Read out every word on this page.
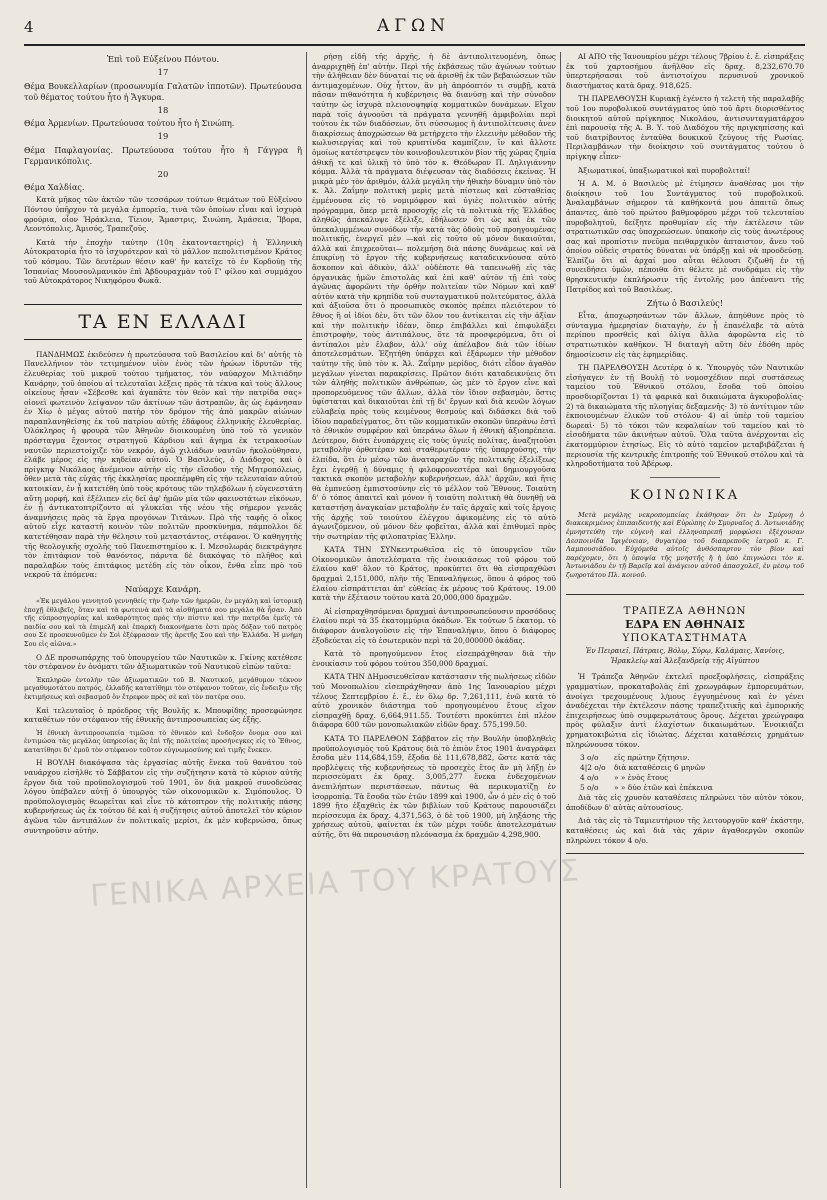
4	ΑΓΩΝ

Ἐπὶ τοῦ Εὐξείνου Πόντου.

17

Θέμα Βουκελλαρίων (προσωνυμία Γαλατῶν ἱπποτῶν). Πρωτεύουσα τοῦ θέματος τούτου ἦτο ἡ Ἄγκυρα.

18

Θέμα Ἀρμενίων. Πρωτεύουσα τούτου ἦτο ἡ Σινώπη.

19

Θέμα Παφλαγονίας. Πρωτεύουσα τούτου ἦτο ἡ Γάγγρα ἢ Γερμανικόπολις.

20

Θέμα Χαλδίας.

Κατὰ μῆκος τῶν ἀκτῶν τῶν τεσσάρων τούτων θεμάτων τοῦ Εὐξείνου Πόντου ὑπῆρχον τὰ μεγάλα ἐμπορεῖα, τινὰ τῶν ὁποίων εἶναι καὶ ἰσχυρὰ φρούρια, οἷον Ἡράκλεια, Τίειον, Ἄμαστρις, Σινώπη, Ἀμάσεια, Ἴβορα, Λεοντόπολις, Ἀμισός, Τραπεζοῦς.

Κατὰ τὴν ἐποχὴν ταύτην (10η ἑκατονταετηρίς) ἡ Ἑλληνικὴ Αὐτοκρατορία ἦτο τὸ ἰσχυρότερον καὶ τὸ μᾶλλον πεπολιτισμένον Κράτος τοῦ κόσμου. Τῶν δευτέρων θέσιν καθ' ἥν κατεῖχε τὸ ἐν Κορδούῃ τῆς Ἱσπανίας Μουσουλμανικὸν ἐπὶ Ἀβδουραχμὰν τοῦ Γ' φίλου καὶ συμμάχου τοῦ Αὐτοκράτορος Νικηφόρου Φωκᾶ.

ΤΑ ΕΝ ΕΛΛΑΔΙ

ΠΑΝΔΗΜΩΣ ἐκιδεύσεν ἡ πρωτεύουσα τοῦ Βασιλείου καὶ δι' αὐτῆς τὸ Πανελλήνιον τὸν τετιμημένον υἱὸν ἑνὸς τῶν ἡρώων ἱδρυτῶν τῆς ἐλευθερίας τοῦ μικροῦ τούτου τμήματος, τὸν ναύαρχον Μιλτιάδην Κανάρην, τοῦ ὁποίου αἱ τελευταῖαι λέξεις πρὸς τὰ τέκνα καὶ τοὺς ἄλλους οἰκείους ἦσαν «Σέβεσθε καὶ ἀγαπᾶτε τὸν θεὸν καὶ τὴν πατρίδα σας» οἱονεὶ φωτεινὸν λείψανον τῶν ἀκτίνων τῶν ἀστραπῶν, ἃς ὡς ἐφάνησαν ἐν Χίῳ ὁ μέγας αὐτοῦ πατὴρ τὸν δρόμον τῆς ἀπὸ μακρῶν αἰώνων παραπλανηθείσης ἐκ τοῦ πατρίου αὐτῆς ἐδάφους ἑλληνικῆς ἐλευθερίας. Ὁλόκληρος ἡ φρουρὰ τῶν Ἀθηνῶν διοικουμένη ὑπὸ τοῦ τὸ γενικὸν πρόσταγμα ἔχοντος στρατηγοῦ Κάρδιου καὶ ἄγημα ἐκ τετρακοσίων ναυτῶν περιεστοίχιζε τὸν νεκρόν, ἀγῶ χιλιάδων ναυτῶν ἠκολούθησαν, ἐλάβε μέρος εἰς τὴν κηδείαν αὐτοῦ. Ὁ Βασιλεύς, ὁ Διάδοχος καὶ ὁ πρίγκηψ Νικόλαος ἀνέμενον αὐτὴν εἰς τὴν εἴσοδον τῆς Μητροπόλεως, ὅθεν μετὰ τὰς εὐχὰς τῆς ἐκκλησίας προεπέμφθη εἰς τὴν τελευταίαν αὐτοῦ κατοικίαν, ἐν ᾗ κατετέθη ὑπὸ τοὺς κρότους τῶν τηλεβόλων ἡ εὐγενεστάτη αὕτη μορφή, καὶ ἐξέλιπεν εἰς δεῖ ἀφ' ἡμῶν μία τῶν φαεινοτάτων εἰκόνων, ἐν ᾗ ἀντικατοπτρίζοντο αἱ γλυκεῖαι τῆς νέου τῆς σήμερον γενεᾶς ἀναμνήσεις πρὸς τὰ ἔργα προγόνων Τιτάνων. Πρὸ τῆς ταφῆς ὁ οἶκος αὐτοῦ εἶχε καταστῆ κοινὸν τῶν πολιτῶν προσκύνημα, πάμπολλοι δὲ κατετέθησαν παρὰ τὴν θέλησιν τοῦ μεταστάντος, στέφανοι. Ὁ καθηγητὴς τῆς θεολογικῆς σχολῆς τοῦ Πανεπιστημίου κ. Ι. Μεσολωράς διεκτράγησε τὸν ἐπιτάφιον τοῦ θανόντος, πάρντα δὲ διακόψας τὸ πλῆθος καὶ παραλαβὼν τοὺς ἐπιτάφιος μετέδη εἰς τὸν οἶκον, ἔνθα εἶπε πρὸ τοῦ νεκροῦ τὰ ἑπόμενα:

Ναύαρχε Κανάρη.

«Ἐκ μεγάλου γεννητοῦ γεννηθείς τὴν ζωὴν τῶν ἡμερῶν, ἐν μεγάλῃ καὶ ἱστορικῇ ἐποχῇ ἐθλιβεῖς, ὅταν καὶ τὰ φωτεινὰ καὶ τὰ αἰσθήματά σου μεγάλα θὰ ἦσαν. Ἀπὸ τῆς εὐπροσηγορίας καὶ καθαρότητος πρὸς τὴν πίστιν καὶ τὴν πατρίδα ἐμεῖς τὰ παιδία σου καὶ τὰ ἐπιμελῆ καὶ ἐπαρκὴ διακονήματα ἐστι πρὸς δόξαν τοῦ πατρὸς σου Σὲ προσκυνοῦμεν ἐν Σοὶ ἐξέφρασαν τῆς ἀρετῆς Σου καὶ τὴν Ἑλλάδα. Ἡ μνήμη Σου εἰς αἰῶνα.»

Ο ΔΕ προσωπάρχης τοῦ ὑπουργείου τῶν Ναυτικῶν κ. Γκίνης κατέθεσε τὸν στέφανον ἐν ὀνόματι τῶν ἀξιωματικῶν τοῦ Ναυτικοῦ εἰπὼν ταῦτα:

Ἐκπληρῶν ἐντολὴν τῶν ἀξιωματικῶν τοῦ Β. Ναυτικοῦ, μεγάθυμον τέκνον μεγαθυμοτάτου πατρός, ἐλλαδῆς κατατίθημι τὸν στέφανον τοῦτον, εἰς ἔνδειξιν τῆς ἐκτιμήσεως καὶ σεβασμοῦ ὃν ἔτρεφον πρὸς σὲ καὶ τὸν πατέρα σου.

Καὶ τελευταῖος ὁ πρόεδρος τῆς Βουλῆς κ. Μπουφίδης προσεφώνησε καταθέτων τὸν στέφανον τῆς ἐθνικῆς ἀντιπροσωπείας ὡς ἑξῆς.

Ἡ ἐθνικὴ ἀντιπροσωπεία τιμῶσα τὸ ἐθνικὸν καὶ ἔνδοξον ὄνομα σου καὶ ἐντιμώσα τὰς μεγάλας ὑπηρεσίας ἃς ἐπὶ τῆς πολιτείας προσήνεγκες εἰς τὸ Ἔθνος, κατατίθησι δι' ἐμοῦ τὸν στέφανον τοῦτον εὐγνωμοσύνης καὶ τιμῆς ἕνεκεν.

Η ΒΟΥΛΗ διακόψασα τὰς ἐργασίας αὐτῆς ἕνεκα τοῦ θανάτου τοῦ ναυάρχου εἰσῆλθε τὸ Σάββατον εἰς τὴν συζήτησιν κατὰ τὸ κύριον αὐτῆς ἔργον διὰ τοῦ προϋπολογισμοῦ τοῦ 1901, ὃν διὰ μακροῦ συνοδεύσας λόγου ὑπέβαλεν αὐτῇ ὁ ὑπουργὸς τῶν οἰκονομικῶν κ. Σιμόπουλος. Ὁ προϋπολογισμὸς θεωρεῖται καὶ εἶνε τὸ κάτοπτρον τῆς πολιτικῆς πάσης κυβερνήσεως ὡς ἐκ τούτου δὲ καὶ ἡ συζήτησις αὐτοῦ ἀποτελεῖ τὸν κύριον ἀγῶνα τῶν ἀντιπάλων ἐν πολιτικαῖς μερίσι, ἐκ μὲν κυβερνώσα, ὅπως συντηροῦσιν αὐτὴν.

ρήσῃ εἰδῆ τῆς ἀρχῆς, ἡ δὲ ἀντιπολιτευομένη, ὅπως ἀναρριχηθῇ ἐπ' αὐτὴν. Περὶ τῆς ἐκβάσεως τῶν ἀγώνων τούτων τὴν ἀλήθειαν δὲν δύναταί τις νὰ ἀρισθῇ ἐκ τῶν βεβαιώσεων τῶν ἀντιμαχομένων. Οὐχ ἧττον, ἂν μὴ ἀπρόοπτόν τι συμβῇ, κατὰ πᾶσαν πιθανότητα ἡ κυβέρνησις θὰ διανύσῃ καὶ τὴν σύνοδον ταύτην ὡς ἰσχυρὰ πλειονοψηφίᾳ κομματικῶν δυνάμεων. Εἴχον παρὰ τοῖς ἀγνοοῦσι τὰ πράγματα γεννηθῆ ἀμφιβολίαι περὶ τούτου ἐκ τῶν διαδόσεων, ὅτι σύσσωμος ἡ ἀντιπολίτευσις ἀνεν διακρίσεως ἀποχρώσεων θὰ μετήρχετο τὴν ἐλεεινὴν μέθοδον τῆς κωλυσιεργίας καὶ τοῦ κρυπτίνδα καμπίζειν, ἵν καὶ ἄλλοτε ὁμοίως κατέστρεψεν τὸν κοινοβουλευτικὸν βίον τῆς χώρας ζημία ἀθικῇ τε καὶ ὑλικῇ τὸ ὑπὸ τὸν κ. Θεόδωρον Π. Δηλιγιάννην κόμμα. Ἀλλὰ τὰ πράγματα διέψευσαν τὰς διαδόσεις ἐκείνας. Ἡ μικρὰ μὲν τὸν ἀριθμόν, ἀλλὰ μεγάλη τὴν ἠθικὴν δύναμιν ὑπὸ τὸν κ. Ἀλ. Ζαΐμην πολιτικὴ μερὶς μετὰ πίστεως καὶ εὐσταθείας ἐμμένουσα εἰς τὸ νομιμόφρον καὶ ὑγιὲς πολιτικὸν αὐτῆς πρόγραμμα, ὅπερ μετὰ προσοχῆς εἰς τὰ πολιτικὰ τῆς Ἑλλάδος ἀληθῶς ἀπεκάλυψε ἐξέλιξε, ἐδήλωσεν ὅτι ὡς καὶ ἐκ τῶν ὑπεκαλυμμένων συνόδων τὴν κατὰ τὰς ὁδοὺς τοῦ προηγουμένας πολιτικῆς, ἐνεργεῖ μὲν —καὶ εἰς τοῦτο οὐ μόνον δικαιοῦται, ἀλλὰ καὶ ἐπιχρεοῦται— πολεμήσῃ διὰ πάσης δυνάμεως καὶ νὰ ἐπικρίνῃ τὸ ἔργον τῆς κυβερνήσεως καταδεικνύουσα αὐτὸ ἄσκοπον καὶ ἀδικὸν, ἀλλ' οὐδέποτε θὰ ταπεινωθῇ εἰς τὰς ὀργανικὰς ἡμῶν ἐπιστολὰς καὶ ἐπὶ καθ' αὐτὸν τῇ ἐπὶ τοὺς ἀγῶνας ἀφορῶντι τὴν ὀρθὴν πολιτείαν τῶν Νόμων καὶ καθ' αὐτὸν κατὰ τὴν κρηπίδα τοῦ συνταγματικοῦ πολιτεύματος, ἀλλὰ καὶ ἀξιοῦσα ὅτι ὁ προσωπικὸς σκοπὸς πρέπει πλειότερον τὸ ἔθνος ἢ οἱ ἰδίοι δὲν, ὅτι τῶν ὄλον του ἀντίκειται εἰς τὴν ἀξίαν καὶ τὴν πολιτικὴν ἰδέαν, ὅπερ ἐπιβάλλει καὶ ἐπιφυλάξει ἐπιστροφὴν, τοὺς ἀντιπάλους, ὅτε τὰ προσφερόμενα, ὅτι οἱ ἀντίπαλοι μὲν ἔλαβον, ἀλλ' οὐχ ἀπέλαβον διὰ τῶν ἰδίων ἀποτελεσμάτων. Ἐζητήθη ὑπάρχει καὶ ἐξάρωμεν τὴν μέθοδον ταύτην τῆς ὑπὸ τὸν κ. Ἀλ. Ζαΐμην μερίδος, διότι εἶδον ἀγαθὸν μεγάλων γίνεται παρακρίσεις. Πρῶτον διότι καταδεικνύεις ὅτι τῶν ἀληθὴς πολιτικῶν ἀνθρώπων, ὡς μὲν τὸ ἔργον εἶνε καὶ προπορευόμενος τῶν ἄλλων, ἀλλὰ τὸν ἴδιον σεβασμὸν, ὅστις ὑφίσταται καὶ δικαιοῦται ἐπὶ τῇ δι' ἔργων καὶ διὰ κενῶν λόγων εὐλαβείᾳ πρὸς τοὺς κειμένους θεσμοὺς καὶ διδάσκει διὰ τοῦ ἰδίου παραδείγματος, ὅτι τῶν κομματικῶν σκοπῶν ὑπεράνω ἐστὶ τὸ ἐθνικὸν συμφέρον καὶ ὑπεράνω ὅλων ἡ ἐθνικὴ ἀξιοπρέπεια. Δεύτερον, διότι ἐνυπάρχεις εἰς τοὺς ὑγιεῖς πολίτας, ἀναζητοῦσι μεταβολὴν ὀρθοτέραν καὶ σταθερωτέραν τῆς ὑπαρχούσης, τὴν ἐλπίδα, ὅτι ἐν μέσῳ τῶν ἀναταραχῶν τῆς πολιτικῆς ἐξελίξεως ἔχει ἐγερθῇ ἡ δύναμις ἡ φιλοφρονεστέρα καὶ δημιουργοῦσα τακτικὰ σκοπὸν μεταβολὴν κυβερνήσεων, ἀλλ' ἀρχῶν, καὶ ἥτις θὰ ἐμπνεύσῃ ἐμπιστοσύνην εἰς τὸ μέλλον τοῦ Ἔθνους. Τοιαύτη δ' ὁ τόπος ἀπαιτεῖ καὶ μόνον ἡ τοιαύτη πολιτικὴ θὰ δυνηθῇ νὰ καταστήσῃ ἀναγκαίαν μεταβολὴν ἐν ταῖς ἀρχαῖς καὶ τοῖς ἔργοις τῆς ἀρχῆς τοῦ τοιούτου ἐλέγχου ἀφικομένης εἰς τὸ αὐτὸ ἀγωνιζόμενον, οὐ μόνον δὲν φοβεῖται, ἀλλὰ καὶ ἐπιθυμεῖ πρὸς τὴν σωτηρίαν τῆς φιλοπατρίας Ἑλλην.

ΚΑΤΑ ΤΗΝ ΣΥΝκεντρωθεῖσα εἰς τὸ ὑπουργεῖον τῶν Οἰκονομικῶν ἀποτελέσματα τῆς ἐνοικιάσεως τοῦ φόρου τοῦ ἐλαίου καθ' ὅλον τὸ Κράτος, προκύπτει ὅτι θὰ εἰσπραχθῶσι δραχμαὶ 2,151,000, πλὴν τῆς Ἐπαναλήψεως, ὅπου ὁ φόρος τοῦ ἐλαίου εἰσπράττεται ἀπ' εὐθείας ἐκ μέρους τοῦ Κράτους. 19.00 κατὰ τὴν ἐξέτασιν τούτου κατὰ 20,000,000 δραχμῶν.

Αἱ εἰσπραχθησόμεναι δραχμαὶ ἀντιπροσωπεύουσιν προσόδους ἐλαίου περὶ τὰ 35 ἑκατομμύρια ὀκάδων. Ἐκ τούτων 5 ἐκατομ. τὸ διάφορον ἀναλογοῦσιν εἰς τὴν Ἑπαναλήψιν, ὅπου ὁ διάφορος ἐξοδεύεται εἰς τὸ ἐσωτερικὸν περὶ τὰ 20,000000 ὀκάδας.

Κατὰ τὸ προηγούμενον ἔτος εἰσεπράχθησαν διὰ τὴν ἐνοικίασιν τοῦ φόρου τούτου 350,000 δραχμαί.

ΚΑΤΑ ΤΗΝ ΔΗμοσιευθεῖσαν κατάστασιν τῆς πωλήσεως εἰδῶν τοῦ Μονοπωλίου εἰσεπράχθησαν ἀπὸ 1ης Ἰανουαρίου μέχρι τέλους Σεπτεμβρίου ἐ. ἔ., ἐν ὅλῳ δρ. 7,261,111, ἐνῶ κατὰ τὸ αὐτὸ χρονικὸν διάστημα τοῦ προηγουμένου ἔτους εἴχον εἰσπραχθῇ δραχ. 6,664,911.55. Τουτέστι προκύπτει ἐπὶ πλέον διάφορα 600 τῶν μονοπωλιακῶν εἰδῶν δραχ. 575,199.50.

ΚΑΤΑ ΤΟ ΠΑΡΕΛΘΟΝ Σάββατον εἰς τὴν Βουλὴν ὑποβληθεὶς προϋπολογισμὸς τοῦ Κράτους διὰ τὸ ἐπιὸν ἔτος 1901 ἀναγράφει ἔσοδα μὲν 114,684,159, ἔξοδα δὲ 111,678,882, ὥστε κατὰ τὰς προβλέψεις τῆς κυβερνήσεως τὸ προσεχὲς ἔτος ἂν μὴ λήξῃ ἐν περισσεύματι ἐκ δραχ. 3,005,277 ἕνεκα ἐνδεχομένων ἀνεπιλήπτων περιστάσεων, πάντως θὰ περικυματίζῃ ἐν ἰσορροπίᾳ. Τὰ ἔσοδα τῶν ἐτῶν 1899 καὶ 1900, ὧν ὁ μὲν εἰς ὁ τοῦ 1899 ἤτο ἐξαχθεὶς ἐκ τῶν βιβλίων τοῦ Κράτους παρουσιάζει περίσσευμα ἐκ δραχ. 4,371,563, ὁ δὲ τοῦ 1900, μὴ ληξάσης τῆς χρήσεως αὐτοῦ, φαίνεται ἐκ τῶν μέχρι τοῦδε ἀποτελεσμάτων αὐτῆς, ὅτι θὰ παρουσιάσῃ πλεόνασμα ἐκ δραχμῶν 4,298,900.

ΑΙ ΑΠΟ τῆς Ἰανουαρίου μέχρι τέλους 7βρίου ἐ. ἔ. εἰσπράξεις ἐκ τοῦ χαρτοσήμου ἀνῆλθον εἰς δραχ. 8,232,670.70 ὑπερτερήσασαι τοῦ ἀντιστοίχου περυσινοῦ χρονικοῦ διαστήματος κατὰ δραχ. 918,625.

ΤΗ ΠΑΡΕΛΘΟΥΣΗ Κυριακῇ ἐγένετο ἡ τελετὴ τῆς παραλαβῆς τοῦ 1ου πυροβολικοῦ συντάγματος ὑπὸ τοῦ ἄρτι διορισθέντος διοικητοῦ αὐτοῦ πρίγκηπος Νικολάου, ἀντισυνταγματάρχου ἐπὶ παρουσίᾳ τῆς Α. Β. Υ. τοῦ Διαδόχου τῆς πριγκηπίσσης καὶ τοῦ διατρίβοντος ἐνταῦθα δουκικοῦ ζεύγους τῆς Ρωσίας. Περιλαμβάνων τὴν διοίκησιν τοῦ συντάγματος τούτου ὁ πρίγκηψ εἶπεν·

Ἀξιωματικοί, ὑπαξιωματικοὶ καὶ πυροβολιταί!

Ἡ Α. Μ. ὁ Βασιλεὺς μὲ ἐτίμησεν ἀναθέσας μοι τὴν διοίκησιν τοῦ 1ου Συντάγματος τοῦ πυροβολικοῦ. Ἀναλαμβάνων σήμερον τὰ καθήκοντά μου ἀπαιτῶ ὅπως ἀπαντες, ἀπὸ τοῦ πρώτου βαθμοφόρου μέχρι τοῦ τελευταίου πυροβολητοῦ, δείξητε προθυμίαν εἰς τὴν ἐκτέλεσιν τῶν στρατιωτικῶν σας ὑποχρεώσεων. ὑπακοὴν εἰς τοὺς ἀνωτέρους σας καὶ προπίστιν πνεῦμα πειθαρχικὸν ἀπταιστον, ἄνευ τοῦ ὁποίου οὐδεὶς στρατὸς δύναται νὰ ὑπάρξῃ καὶ νὰ προοδεύσῃ. Ἐλπίζω ὅτι αἱ ἀρχαί μου αὗται θέλουσι ζιζωθῆ ἐν τῇ συνειδήσει ὑμῶν, πέποιθα ὅτι θέλετε μὲ συνδράμει εἰς τὴν θρησκευτικὴν ἐκπλήρωσιν τῆς ἐντολῆς μου ἀπέναντι τῆς Πατρίδος καὶ τοῦ Βασιλέως.

Ζήτω ὁ Βασιλεύς!

Εἶτα, ἀποχωρησάντων τῶν ἄλλων, ἀπηύθυνε πρὸς τὸ σύνταγμα ἡμερησίαν διαταγὴν, ἐν ᾗ ἐπανέλαβε τὰ αὐτὰ περίπου προσθεὶς καὶ ὀλίγα ἄλλα ἀφορῶντα εἰς τὸ στρατιωτικὸν καθῆκον. Ἡ διαταγὴ αὕτη δὲν ἐδόθη πρὸς δημοσίευσιν εἰς τὰς ἐφημερίδας.

ΤΗ ΠΑΡΕΛΘΟΥΣΗ Δευτέρᾳ ὁ κ. Ὑπουργὸς τῶν Ναυτικῶν εἰσήγαγεν ἐν τῇ Βουλῇ τὸ νομοσχέδιον περὶ συστάσεως ταμείου τοῦ Ἐθνικοῦ στόλου, ἔσοδα τοῦ ὁποίου προσδιορίζονται 1) τὰ φαρικὰ καὶ δικαιώματα ἀγκυροβολίας· 2) τὰ δικαιώματα τῆς πλοηγίας δεξαμενῆς· 3) τὸ ἀντίτιμον τῶν ἐκποιουμένων ἐλικῶν τοῦ στόλου· 4) αἱ ὑπὲρ τοῦ ταμείου δωρεαὶ· 5) τὸ τόκοι τῶν κεφαλαίων τοῦ ταμείου καὶ τὸ εἰσοδήματα τῶν ἀκινήτων αὐτοῦ. Ὅλα ταῦτα ἀνέρχονται εἰς ἑκατομμύριον ἐτησίως. Εἰς τὸ αὐτὸ ταμεῖον μεταβιβάζεται ἡ περιουσία τῆς κεντρικῆς ἐπιτροπῆς τοῦ Ἐθνικοῦ στόλου καὶ τὰ κληροδοτήματα τοῦ Ἀβέρωφ.

ΚΟΙΝΩΝΙΚΑ

Μετὰ μεγάλης νεκροπομπείας ἐκάθησαν ὅτι ἐν Σμύρνῃ ὁ διακεκριμένος ἐπιπαιδευτὴς καὶ Εὐρώπης ἐν Σμυρναῖος Δ. Ἀντωνιάδης ἐμνηστεύθη τὴν εὐγενὴ καὶ ἐλληνοπρεπῆ μορφώσει ἐξέχουσαν Δεσποινίδα Ἰφιγένειαν, θυγατέρα τοῦ διαπρεποῦς ἰατροῦ κ. Γ. Λαμπουσιάδου. Εὐχόμεθα αὐτοῖς ἀνθόσπαρτον τὸν βίον καὶ παρέχομεν, ὅτι ἡ ὑποψία τῆς μνηστῆς ἢ ἡ ὑπὸ ἐπιγνώσει τὸν κ. Ἀντωνιάδου ἐν τῇ Βαρεῖᾳ καὶ ἀνάγειον αὐτοῦ ἀπασχολεῖ, ἐν μέσῳ τοῦ ζωηροτάτου Πλ. κοινοῦ.

ΤΡΑΠΕΖΑ ΑΘΗΝΩΝ

ΕΔΡΑ ΕΝ ΑΘΗΝΑΙΣ

ΥΠΟΚΑΤΑΣΤΗΜΑΤΑ

Ἐν Πειραιεῖ, Πάτραις, Βόλῳ, Σύρῳ, Καλάμαις, Χανίοις, Ἡρακλείῳ καὶ Ἀλεξανδρείᾳ τῆς Αἰγύπτου

Ἡ Τράπεζα Ἀθηνῶν ἐκτελεῖ προεξοφλήσεις, εἰσπράξεις γραμματίων, προκαταβολὰς ἐπὶ χρεωγράφων ἐμπορευμάτων, ἀνοίγει τρεχουμένους λ/μους ἐγγυημένους καὶ ἐν γένει ἀναδέχεται τὴν ἐκτέλεσιν πάσης τραπεζιτικῆς καὶ ἐμπορικῆς ἐπιχειρήσεως ὑπὸ συμφερωτάτους ὅρους. Δέχεται χρεώγραφα πρὸς φύλαξιν ἀντὶ ἐλαχίστων δικαιωμάτων. Ἐνοικιάζει χρηματοκιβώτια εἰς ἰδιώτας. Δέχεται καταθέσεις χρημάτων πληρώνουσα τόκον.

3 ο/ο	εἰς πρώτην ζήτησιν.
4|2 ο/ο	διὰ καταθέσεις 6 μηνῶν
4 ο/ο	» » ἑνὸς ἔτους
5 ο/ο	» » δύο ἐτῶν καὶ ἐπέκεινα

Διὰ τὰς εἰς χρυσὸν καταθέσεις πληρώνει τὸν αὐτὸν τόκον, ἀποδίδων δ' αὐτὰς αὐτουσίους.

Διὰ τὰς εἰς τὸ Ταμιευτήριον τῆς λειτουργοῦν καθ' ἑκάστην, καταθέσεις ὡς καὶ διὰ τὰς χάριν ἀγαθοεργῶν σκοπῶν πληρώνει τόκον 4 ο/ο.

ΓΕΝΙΚΑ ΑΡΧΕΙΑ ΤΟΥ ΚΡΑΤΟΥΣ
